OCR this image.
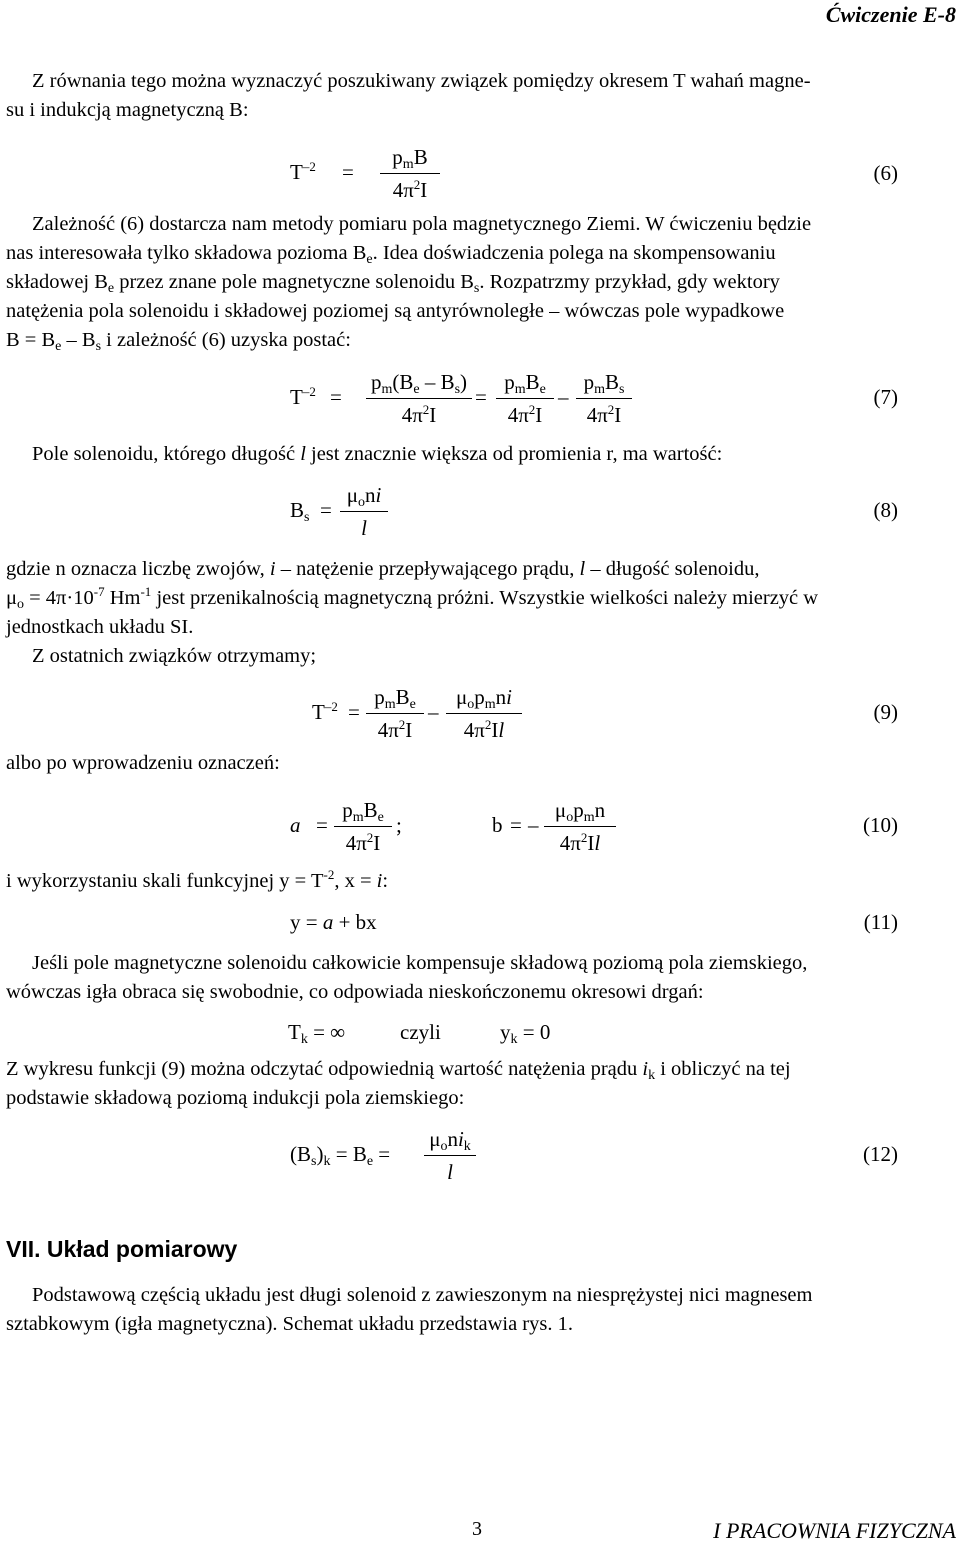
Ćwiczenie E-8
Z równania tego można wyznaczyć poszukiwany związek pomiędzy okresem T wahań magne-
su i indukcją magnetyczną B:
$T^{-2}$ =
$p_mB$
$4\pi^2I$
(6)
Zależność (6) dostarcza nam metody pomiaru pola magnetycznego Ziemi. W ćwiczeniu będzie
nas interesowała tylko składowa pozioma $B_e$. Idea doświadczenia polega na skompensowaniu
składowej $B_e$ przez znane pole magnetyczne solenoidu $B_s$. Rozpatrzmy przykład, gdy wektory
natężenia pola solenoidu i składowej poziomej są antyrównoległe – wówczas pole wypadkowe
$B = B_e - B_s$ i zależność (6) uzyska postać:
$T^{-2} = \frac{p_m(B_e - B_s)}{4\pi^2I}$ =
$p_mB_e$
$4\pi^2I$
–
$p_mB_s$
$4\pi^2I$
(7)
Pole solenoidu, którego długość l jest znacznie większa od promienia r, ma wartość:
$B_s$ =
$\mu_oni$
l
(8)
gdzie n oznacza liczbę zwojów, i – natężenie przepływającego prądu, l – długość solenoidu,
$\mu_o = 4\pi\cdot 10^{-7}$ $Hm^{-1}$ jest przenikalnością magnetyczną próżni. Wszystkie wielkości należy mierzyć w
jednostkach układu SI.
Z ostatnich związków otrzymamy;
$T^{-2}$ =
$p_mB_e$
$4\pi^2I$
–
$\mu_op_mni$
$4\pi^2Il$
(9)
albo po wprowadzeniu oznaczeń:
a =
$p_mB_e$
$4\pi^2I$
;	b = –
$\mu_op_mn$
$4\pi^2Il$
(10)
i wykorzystaniu skali funkcyjnej $y = T^{-2}$, x = i:
y = a + bx	(11)
Jeśli pole magnetyczne solenoidu całkowicie kompensuje składową poziomą pola ziemskiego,
wówczas igła obraca się swobodnie, co odpowiada nieskończonemu okresowi drgań:
$T_k$ = ∞	czyli	$y_k = 0$
Z wykresu funkcji (9) można odczytać odpowiednią wartość natężenia prądu $i_k$ i obliczyć na tej
podstawie składową poziomą indukcji pola ziemskiego:
$(B_s)_k = B_e$ =
$\mu_oni_k$
l
(12)
VII. Układ pomiarowy
Podstawową częścią układu jest długi solenoid z zawieszonym na niesprężystej nici magnesem
sztabkowym (igła magnetyczna). Schemat układu przedstawia rys. 1.
3	I PRACOWNIA FIZYCZNA
